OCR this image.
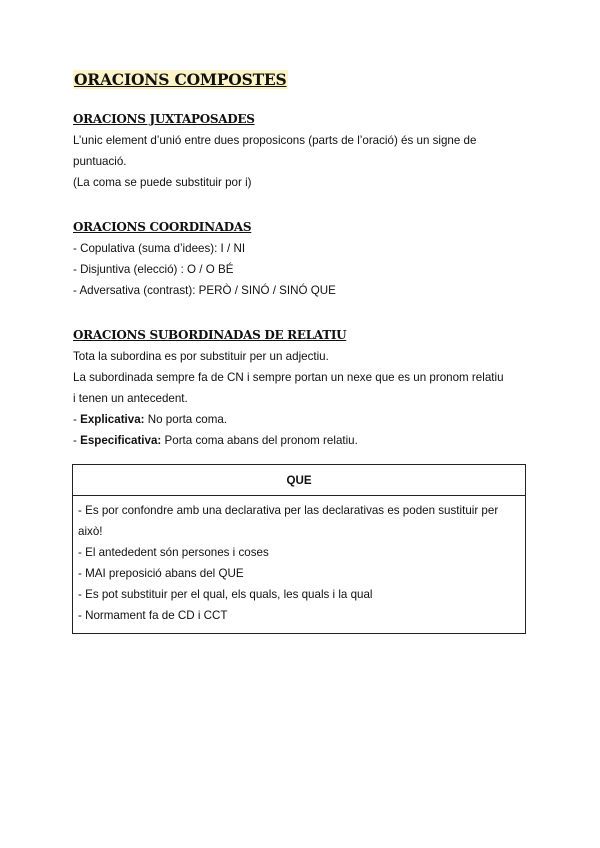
ORACIONS COMPOSTES

ORACIONS JUXTAPOSADES

L’unic element d’unió entre dues proposicons (parts de l’oració) és un signe de

puntuació.

(La coma se puede substituir por i)

ORACIONS COORDINADAS

- Copulativa (suma d’idees): I / NI

- Disjuntiva (elecció) : O / O BÉ

- Adversativa (contrast): PERÒ / SINÓ / SINÓ QUE

ORACIONS SUBORDINADAS DE RELATIU

Tota la subordina es por substituir per un adjectiu.

La subordinada sempre fa de CN i sempre portan un nexe que es un pronom relatiu

i tenen un antecedent.

- Explicativa: No porta coma.

- Especificativa: Porta coma abans del pronom relatiu.

QUE

- Es por confondre amb una declarativa per las declarativas es poden sustituir per

això!

- El antededent són persones i coses

- MAI preposició abans del QUE

- Es pot substituir per el qual, els quals, les quals i la qual

- Normament fa de CD i CCT
